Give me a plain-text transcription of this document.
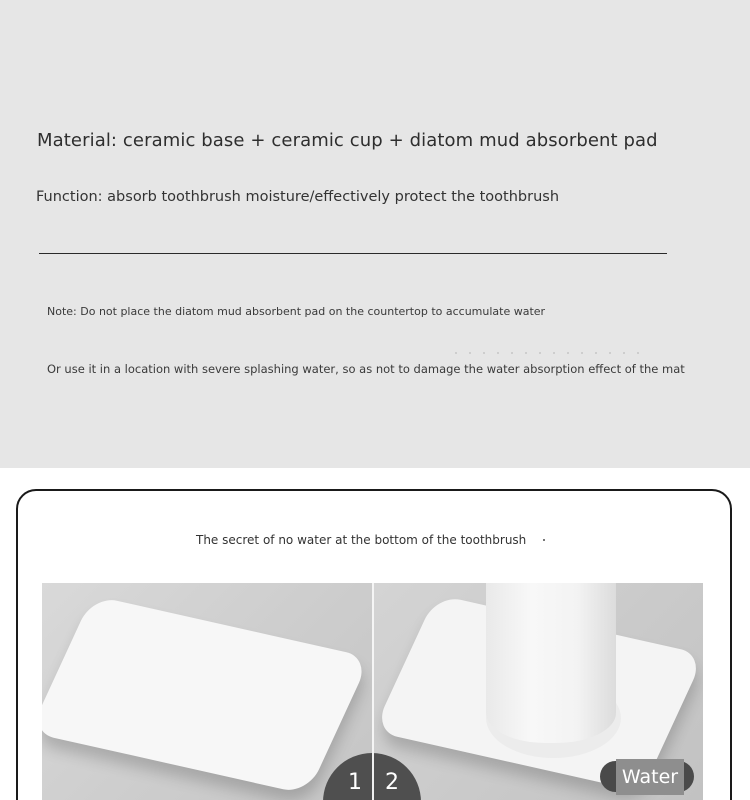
Material: ceramic base + ceramic cup + diatom mud absorbent pad
Function: absorb toothbrush moisture/effectively protect the toothbrush
Note: Do not place the diatom mud absorbent pad on the countertop to accumulate water
Or use it in a location with severe splashing water, so as not to damage the water absorption effect of the mat
The secret of no water at the bottom of the toothbrush
1 2	Water
